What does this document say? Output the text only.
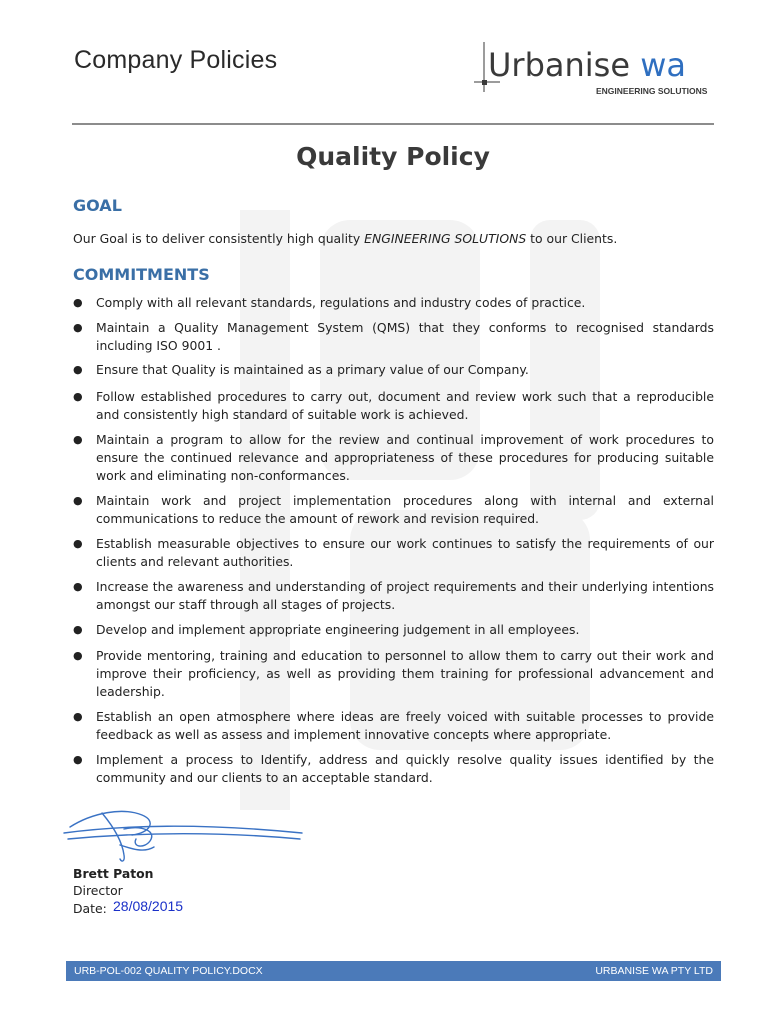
Company Policies	Urbanise wa
ENGINEERING SOLUTIONS
Quality Policy
GOAL
Our Goal is to deliver consistently high quality ENGINEERING SOLUTIONS to our Clients.
COMMITMENTS
● Comply with all relevant standards, regulations and industry codes of practice.
● Maintain a Quality Management System (QMS) that they conforms to recognised standards including ISO 9001 .
● Ensure that Quality is maintained as a primary value of our Company.
● Follow established procedures to carry out, document and review work such that a reproducible and consistently high standard of suitable work is achieved.
● Maintain a program to allow for the review and continual improvement of work procedures to ensure the continued relevance and appropriateness of these procedures for producing suitable work and eliminating non-conformances.
● Maintain work and project implementation procedures along with internal and external communications to reduce the amount of rework and revision required.
● Establish measurable objectives to ensure our work continues to satisfy the requirements of our clients and relevant authorities.
● Increase the awareness and understanding of project requirements and their underlying intentions amongst our staff through all stages of projects.
● Develop and implement appropriate engineering judgement in all employees.
● Provide mentoring, training and education to personnel to allow them to carry out their work and improve their proficiency, as well as providing them training for professional advancement and leadership.
● Establish an open atmosphere where ideas are freely voiced with suitable processes to provide feedback as well as assess and implement innovative concepts where appropriate.
● Implement a process to Identify, address and quickly resolve quality issues identified by the community and our clients to an acceptable standard.
Brett Paton
Director
Date: 28/08/2015
URB-POL-002 QUALITY POLICY.DOCX	URBANISE WA PTY LTD
